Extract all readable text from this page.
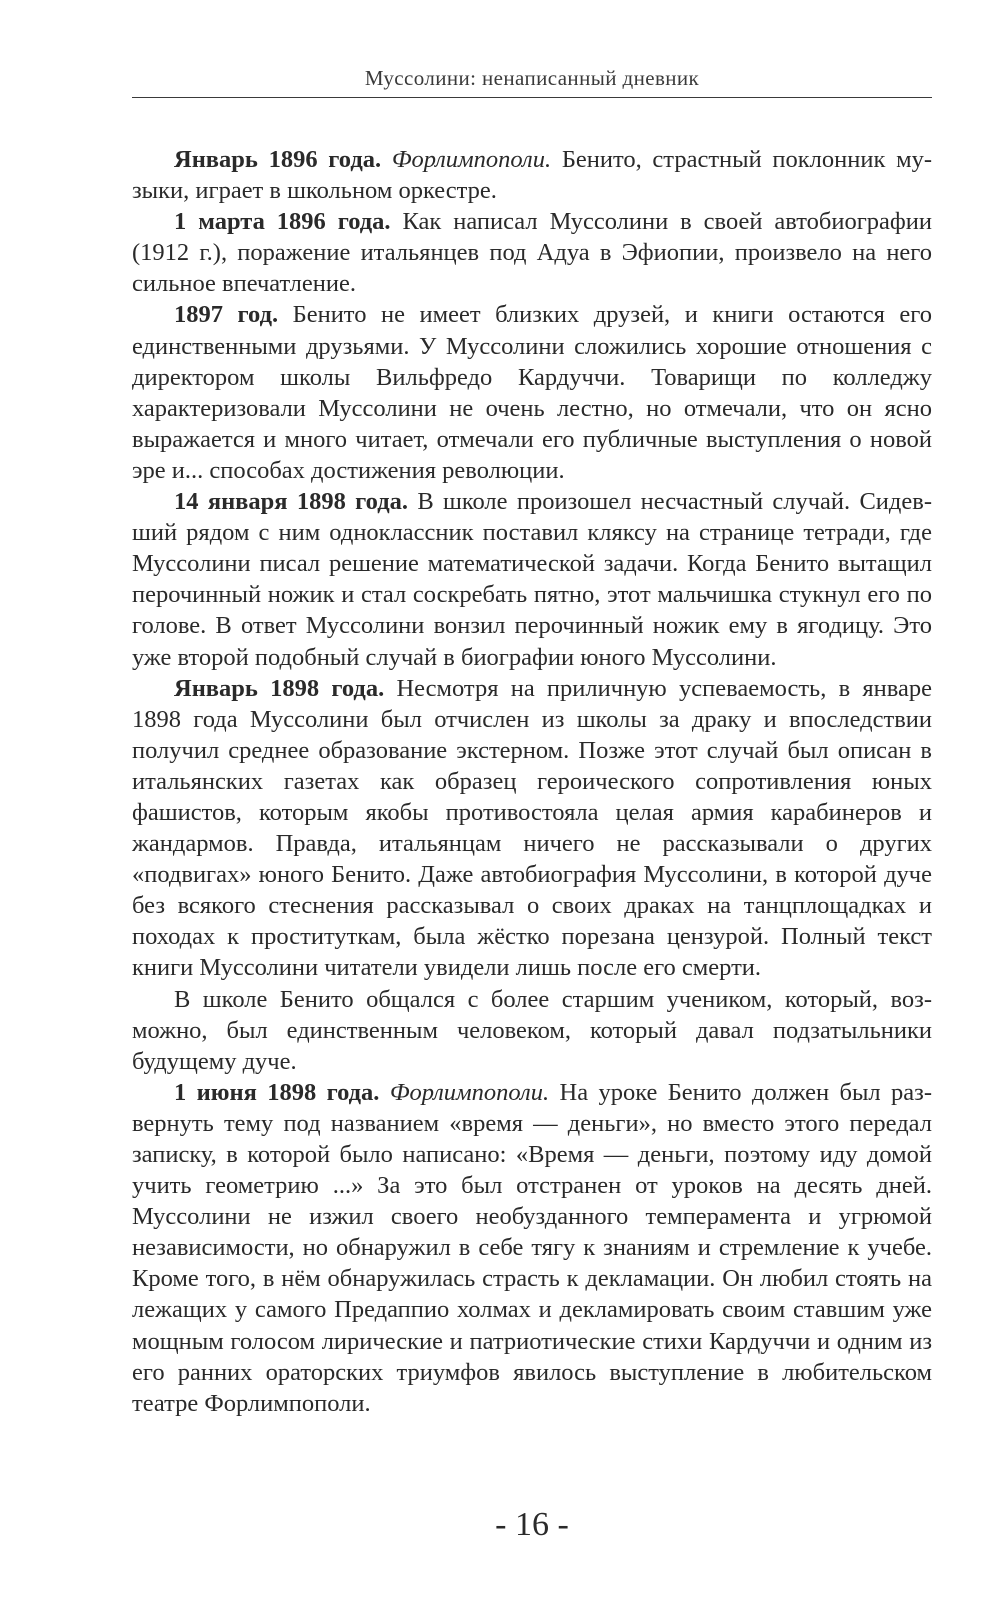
Муссолини: ненаписанный дневник

Январь 1896 года. Форлимпополи. Бенито, страстный поклонник музыки, играет в школьном оркестре.

1 марта 1896 года. Как написал Муссолини в своей автобиографии (1912 г.), поражение итальянцев под Адуа в Эфиопии, произвело на него сильное впечатление.

1897 год. Бенито не имеет близких друзей, и книги остаются его единственными друзьями. У Муссолини сложились хорошие отношения с директором школы Вильфредо Кардуччи. Товарищи по колледжу характеризовали Муссолини не очень лестно, но отмечали, что он ясно выражается и много читает, отмечали его публичные выступления о новой эре и... способах достижения революции.

14 января 1898 года. В школе произошел несчастный случай. Сидевший рядом с ним одноклассник поставил кляксу на странице тетради, где Муссолини писал решение математической задачи. Когда Бенито вытащил перочинный ножик и стал соскребать пятно, этот мальчишка стукнул его по голове. В ответ Муссолини вонзил перочинный ножик ему в ягодицу. Это уже второй подобный случай в биографии юного Муссолини.

Январь 1898 года. Несмотря на приличную успеваемость, в январе 1898 года Муссолини был отчислен из школы за драку и впоследствии получил среднее образование экстерном. Позже этот случай был описан в итальянских газетах как образец героического сопротивления юных фашистов, которым якобы противостояла целая армия карабинеров и жандармов. Правда, итальянцам ничего не рассказывали о других «подвигах» юного Бенито. Даже автобиография Муссолини, в которой дуче без всякого стеснения рассказывал о своих драках на танцплощадках и походах к проституткам, была жёстко порезана цензурой. Полный текст книги Муссолини читатели увидели лишь после его смерти.

В школе Бенито общался с более старшим учеником, который, возможно, был единственным человеком, который давал подзатыльники будущему дуче.

1 июня 1898 года. Форлимпополи. На уроке Бенито должен был развернуть тему под названием «время — деньги», но вместо этого передал записку, в которой было написано: «Время — деньги, поэтому иду домой учить геометрию ...» За это был отстранен от уроков на десять дней. Муссолини не изжил своего необузданного темперамента и угрюмой независимости, но обнаружил в себе тягу к знаниям и стремление к учебе. Кроме того, в нём обнаружилась страсть к декламации. Он любил стоять на лежащих у самого Предаппио холмах и декламировать своим ставшим уже мощным голосом лирические и патриотические стихи Кардуччи и одним из его ранних ораторских триумфов явилось выступление в любительском театре Форлимпополи.

- 16 -
